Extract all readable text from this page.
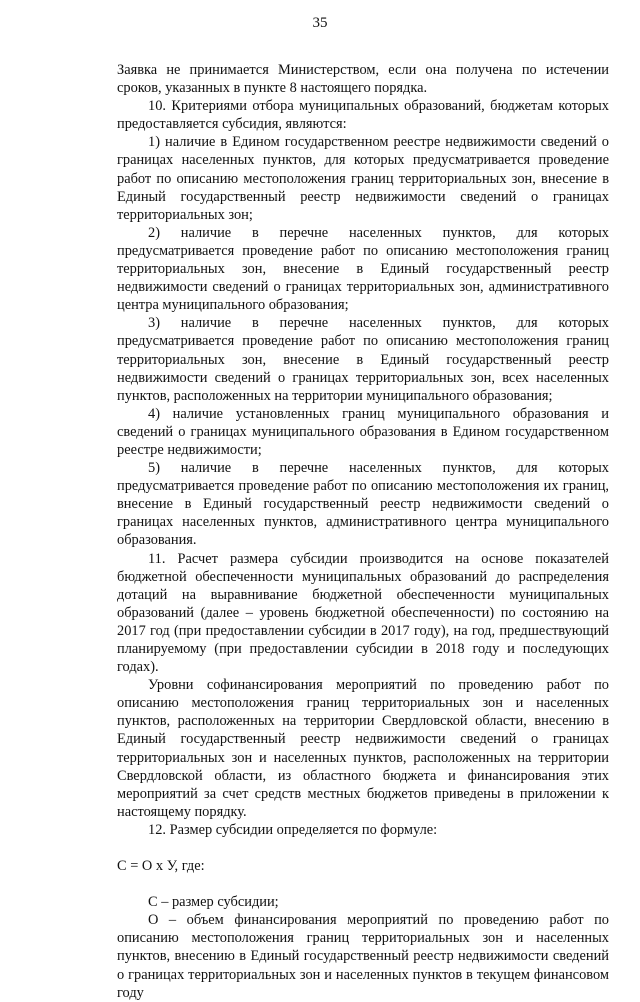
35

Заявка не принимается Министерством, если она получена по истечении сроков, указанных в пункте 8 настоящего порядка.

10. Критериями отбора муниципальных образований, бюджетам которых предоставляется субсидия, являются:

1) наличие в Едином государственном реестре недвижимости сведений о границах населенных пунктов, для которых предусматривается проведение работ по описанию местоположения границ территориальных зон, внесение в Единый государственный реестр недвижимости сведений о границах территориальных зон;

2) наличие в перечне населенных пунктов, для которых предусматривается проведение работ по описанию местоположения границ территориальных зон, внесение в Единый государственный реестр недвижимости сведений о границах территориальных зон, административного центра муниципального образования;

3) наличие в перечне населенных пунктов, для которых предусматривается проведение работ по описанию местоположения границ территориальных зон, внесение в Единый государственный реестр недвижимости сведений о границах территориальных зон, всех населенных пунктов, расположенных на территории муниципального образования;

4) наличие установленных границ муниципального образования и сведений о границах муниципального образования в Едином государственном реестре недвижимости;

5) наличие в перечне населенных пунктов, для которых предусматривается проведение работ по описанию местоположения их границ, внесение в Единый государственный реестр недвижимости сведений о границах населенных пунктов, административного центра муниципального образования.

11. Расчет размера субсидии производится на основе показателей бюджетной обеспеченности муниципальных образований до распределения дотаций на выравнивание бюджетной обеспеченности муниципальных образований (далее – уровень бюджетной обеспеченности) по состоянию на 2017 год (при предоставлении субсидии в 2017 году), на год, предшествующий планируемому (при предоставлении субсидии в 2018 году и последующих годах).

Уровни софинансирования мероприятий по проведению работ по описанию местоположения границ территориальных зон и населенных пунктов, расположенных на территории Свердловской области, внесению в Единый государственный реестр недвижимости сведений о границах территориальных зон и населенных пунктов, расположенных на территории Свердловской области, из областного бюджета и финансирования этих мероприятий за счет средств местных бюджетов приведены в приложении к настоящему порядку.

12. Размер субсидии определяется по формуле:

С = О х У, где:

С – размер субсидии;

О – объем финансирования мероприятий по проведению работ по описанию местоположения границ территориальных зон и населенных пунктов, внесению в Единый государственный реестр недвижимости сведений о границах территориальных зон и населенных пунктов в текущем финансовом году
